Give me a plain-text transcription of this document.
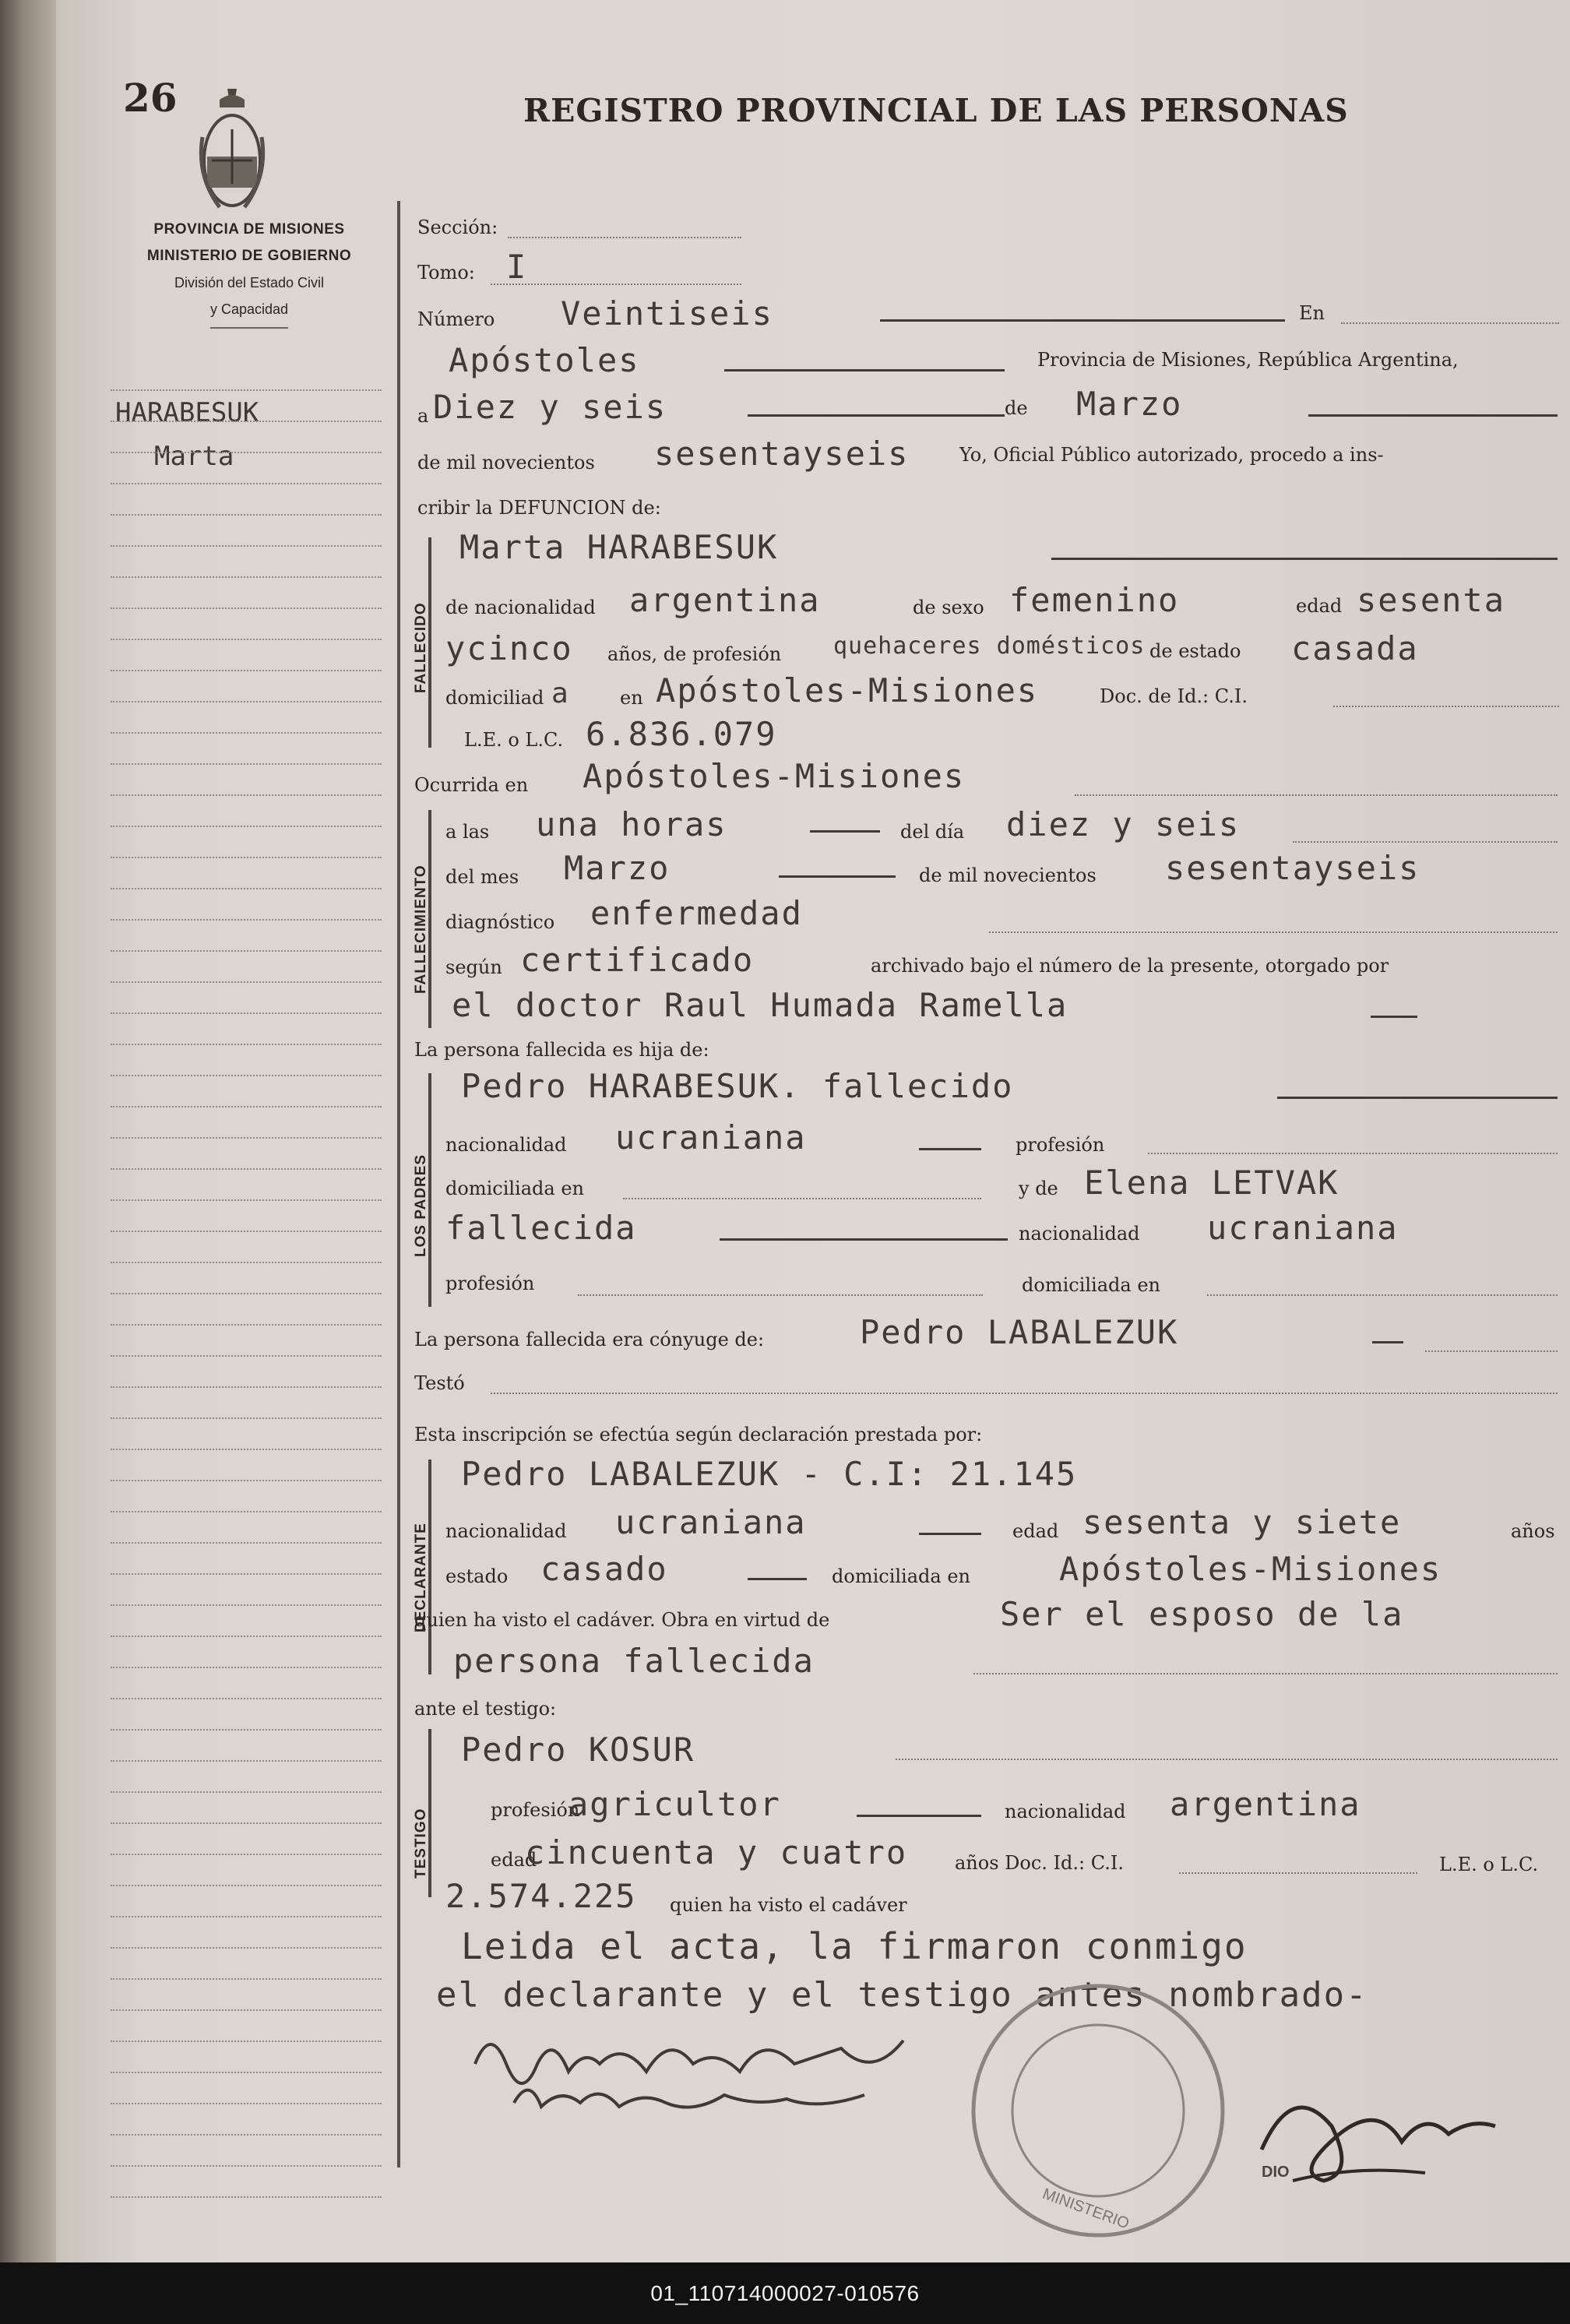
26	REGISTRO PROVINCIAL DE LAS PERSONAS
PROVINCIA DE MISIONES
MINISTERIO DE GOBIERNO
División del Estado Civil
y Capacidad
HARABESUK
Marta
Sección:
Tomo: I
Número Veintiseis	En
Apóstoles	Provincia de Misiones, República Argentina,
a Diez y seis	de Marzo
de mil novecientos sesentayseis	Yo, Oficial Público autorizado, procedo a ins-
cribir la DEFUNCION de:
FALLECIDO
Marta HARABESUK
de nacionalidad argentina	de sexo femenino	edad sesenta
ycinco años, de profesión quehaceres domésticos de estado casada
domiciliad a	en Apóstoles-Misiones	Doc. de Id.: C.I.
L.E. o L.C. 6.836.079
Ocurrida en Apóstoles-Misiones
FALLECIMIENTO
a las una horas	del día diez y seis
del mes Marzo	de mil novecientos sesentayseis
diagnóstico enfermedad
según certificado	archivado bajo el número de la presente, otorgado por
el doctor Raul Humada Ramella
La persona fallecida es hija de:
LOS PADRES
Pedro HARABESUK. fallecido
nacionalidad ucraniana	profesión
domiciliada en	y de Elena LETVAK
fallecida	nacionalidad ucraniana
profesión	domiciliada en
La persona fallecida era cónyuge de:	Pedro LABALEZUK
Testó
Esta inscripción se efectúa según declaración prestada por:
DECLARANTE
Pedro LABALEZUK - C.I: 21.145
nacionalidad ucraniana	edad sesenta y siete	años
estado casado	domiciliada en	Apóstoles-Misiones
quien ha visto el cadáver. Obra en virtud de	Ser el esposo de la
persona fallecida
ante el testigo:
TESTIGO
Pedro KOSUR
profesión
agricultor	nacionalidad argentina
edad
cincuenta y cuatro	años Doc. Id.: C.I.	L.E. o L.C.
2.574.225 quien ha visto el cadáver
Leida el acta, la firmaron conmigo
el declarante y el testigo antes nombrado-
MINISTERIO
DIO
01_110714000027-010576
